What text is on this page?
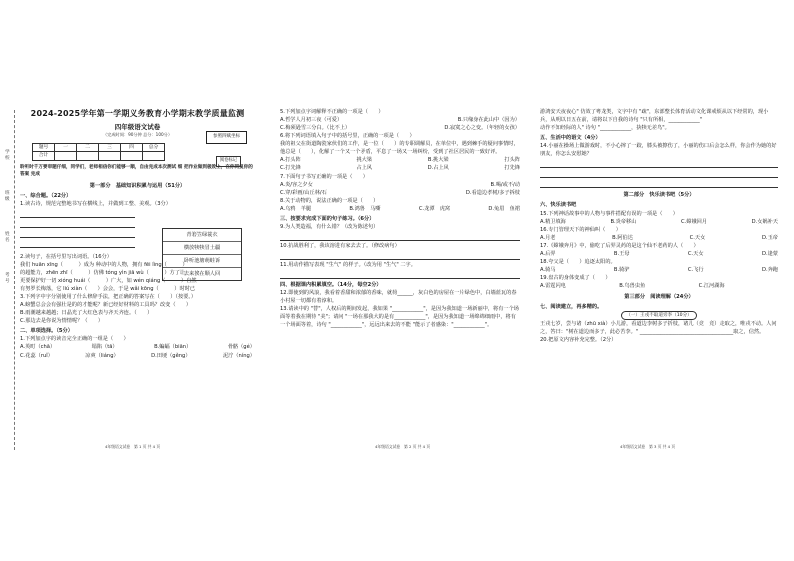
学
校
班
级
姓
名
考
号
2024-2025学年第一学期义务教育小学期末教学质量监测
四年级语文试卷
参照四赋坐标
（完成时间：90分钟 总分：100分）
题号	一	二	三	四	总分
合计					
阅卷标记
聆听时千万要审题仔细，同学们，老师相信你们能够一顺，自由完成本次测试 细 把作业做到极致上，在你同复你的答案 完成
第一部分　基础知识积累与运用（51分）
一、综合题。（22分）
1.读古诗，规范完整地书写在横线上，并做到工整、美观。（3分）
青箬笠绿蓑衣
横放犊犊冒土疆
卧听池塘萌蛙诉
去来挨在顺人回
2.读句子，在括号里写出词语。（16分）
我们 huān xīnɡ（　　　）成为 种动中的人物，拥有 fēi lìnɡ（　　　）
的超能力，zhēn zhī（　　　）仿佛 tónɡ yìn jiā wù（　　　）方了让
更要保护好一切 xiónɡ huái（　　　）广大，如 wén qiánɡ（　　　）自然
有努罗长梅落，它 liú xiàn（　　）会会，于是 wǎi kōnɡ（　　　）时时已
3.下列字中字分别使用了什么修辞手法，把正确的答案写在（　　）（按要。）
A.螃蟹总会会有强壮是的的才能呢？新已经好材料的工具吗？改变（　　）
B.雨潮越来越越；日晶光了大红色表与齐天齐连。（　　）
C.那边去是你说为情情呢？（　　）
二、单项选择。（5分）
1.下列加点字的读音完全正确的一组是（　　）
A.英町（chā）	塌陷（tā）	B.蝙蝠（biān）	骨骼（ɡé）
C.花蕊（ruǐ）	凉爽（liánɡ）	D.田埂（ɡěnɡ）	泥泞（nínɡ）
4年级语文试卷　第 1 页 共 4 页
5.下列加点字词解释不正确的一项是（　　）
A.哲学人月初三夜（可爱）	B.只缘身在此山中（因为）
C.梅须逊雪三分白。（比不上）	D.寂寞之心之变。（年轻的女孩）
6.将下列词语填入句子中的括号里，正确的一项是（　　）
我的祖父在街道陶瓷家伙们的工作，是一位（　　）的专职调解员，在单位中，遇到棘手的疑问事情时，他总是（　　），化解了一个又一个矛盾，平息了一场又一场纠纷，受到了社区居民的一致好评。
A.打头阵	挑大梁	B.挑大梁	打头阵
C.打先锋	占上风	D.占上风	打先锋
7.下面句子书写正确的一项是（　　）
A.炎/容之夕女	B.喝/或不/动
C.穿/彩画/山丘林/石	D.看造边孝树/多子拆枝
8.关于动物的，说法正确的一项是（　　）
A.乌鸦　羊腿	B.鸿鲁　马嘶	C.龙潭　虎窝	D.兔眉　鱼裙
三、按要求完成下面的句子练习。（6分）
9.为人类造福，有什么错？（改为陈述句）
10.抗战胜利了，我该溶进有家去去了。（修改病句）
11.用动作描写表现 "生气" 的样子。（改为用 "生气" 二字。
四、根据课内积累填空。（14分，每空2分）
12.即使到的风浪，我看着香甜和浓郁的香味，就荷______，灰白色的房屋在一片绿色中，白墙蓝瓦的春小村屋一切都有着淳和。
13.请读中的 "替"，人权后的期间发起，我如果 "____________"，是因为我知道一场新丽中，将有一个场面等着我在期待 "美"；请问 "一场在那我大的是有____________"，是因为我知道一场绵绵细雨中，将有一个场面等着，诗句 "____________"，远远出来去的不能 "能示了者感染："____________"。
4年级语文试卷　第 2 页 共 4 页
游鸿安天夜夜心" 仿效了粤龙类，文字中有 "疏"，东部整长体育活动文化课戒烦从以下经常的，现小兵，从明以日五在前，请将以下自我的诗句 "只有所相，____________"
动作不知经际的人" 诗句 "____________，执犊无差鸟"。
五、生活中的语文（4分）
14.小丽在操场上做游戏时，不小心摔了一跤，膝头被擦伤了，小丽的伤口后会怎么样，你会作为她的好朋友，你怎么安慰她？
第二部分　快乐读书吧（5分）
六、快乐读书吧
15.下列神话故事中的人物与事件搭配有误的一项是（　　）
A.精卫填海	B.炎帝移山	C.嫦娥回月	D.女娲补天
16.专门管理天下的神仙叫（　　）
A.月老	B.阿伯达	C.天女	D.玉帝
17.《嫦娥奔月》中，偷吃了后羿灵药的是这个仙不老药的人（　　）
A.后羿	B.王母	C.天女	D.逢蒙
18.夸父是（　　）追逐太阳的。
A.骑马	B.骑驴	C.飞行	D.奔跑
19.盘古的身体变成了（　　）
A.雷霆闪电	B.鸟兽虫鱼	C.江河湖海
第三部分　阅读理解（24分）
七、阅读建立，再多精的。
（一）王戎不取道旁李（10分）
王戎七岁，尝与诸（zhū xià）小儿游，看道边李树多子折枝，诸儿（竞　竞）走取之，唯戎不动。人问之，答曰："树在道边而多子，此必苦李。" ____________________________________取之，信然。
20.把原文内容补充完整。（2分）
4年级语文试卷　第 3 页 共 4 页
